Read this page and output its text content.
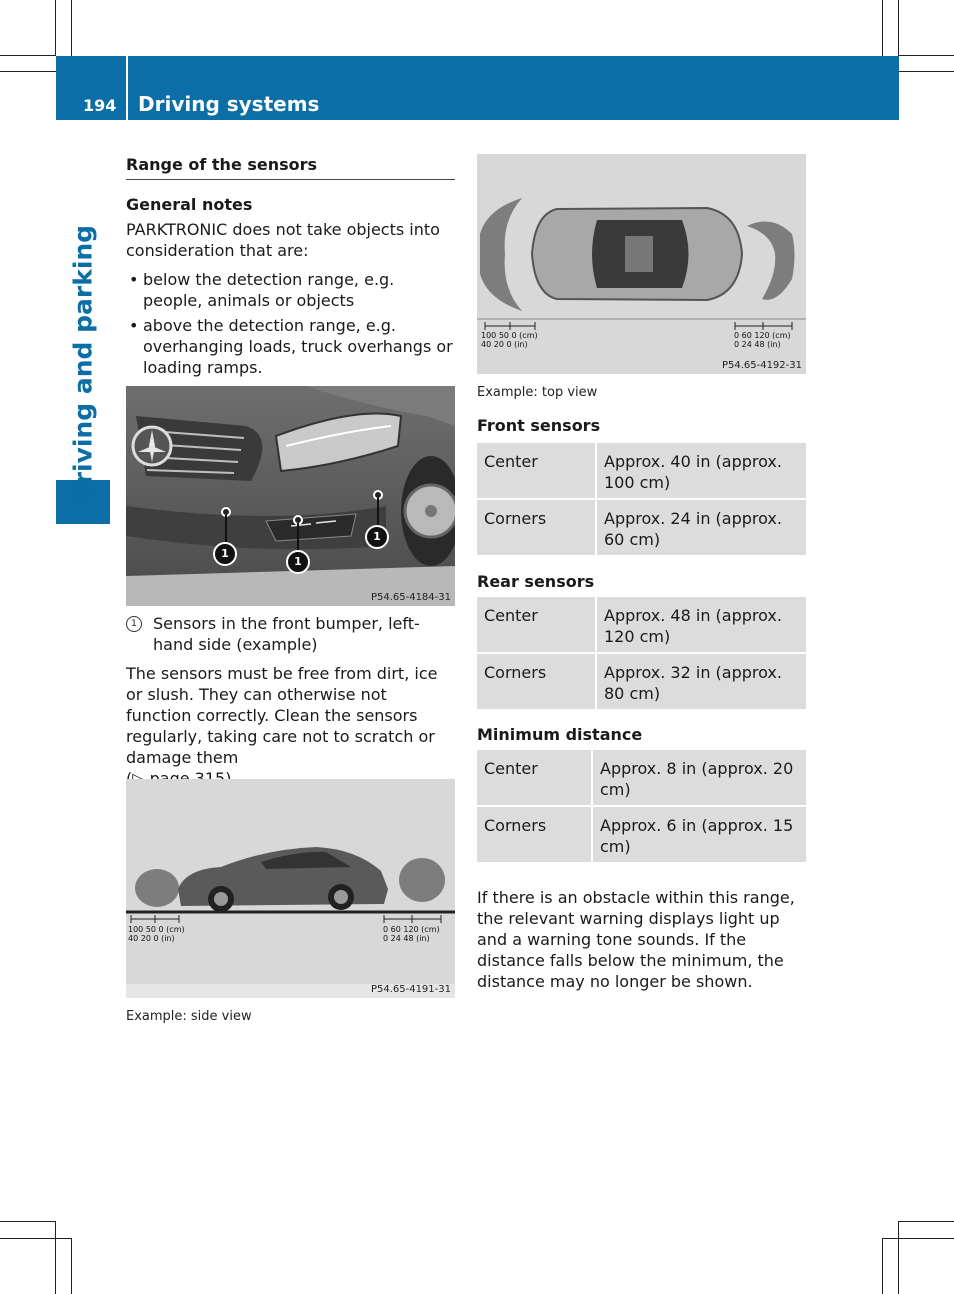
194 Driving systems
Driving and parking
Range of the sensors
General notes

PARKTRONIC does not take objects into consideration that are:

• below the detection range, e.g. people, animals or objects
• above the detection range, e.g. overhanging loads, truck overhangs or loading ramps.
1
1
1
P54.65-4184-31
1	Sensors in the front bumper, left-hand side (example)

The sensors must be free from dirt, ice or slush. They can otherwise not function correctly. Clean the sensors regularly, taking care not to scratch or damage them

100 50 0 (cm)
40 20 0 (in)
0 60 120 (cm)
0 24 48 (in)
P54.65-4191-31
Example: side view
100 50 0 (cm)
40 20 0 (in)
0 60 120 (cm)
0 24 48 (in)
P54.65-4192-31
Example: top view
Front sensors
Center	Approx. 40 in (approx. 100 cm)
Corners	Approx. 24 in (approx. 60 cm)
Rear sensors
Center	Approx. 48 in (approx. 120 cm)
Corners	Approx. 32 in (approx. 80 cm)
Minimum distance
Center	Approx. 8 in (approx. 20 cm)
Corners	Approx. 6 in (approx. 15 cm)

If there is an obstacle within this range, the relevant warning displays light up and a warning tone sounds. If the distance falls below the minimum, the distance may no longer be shown.
